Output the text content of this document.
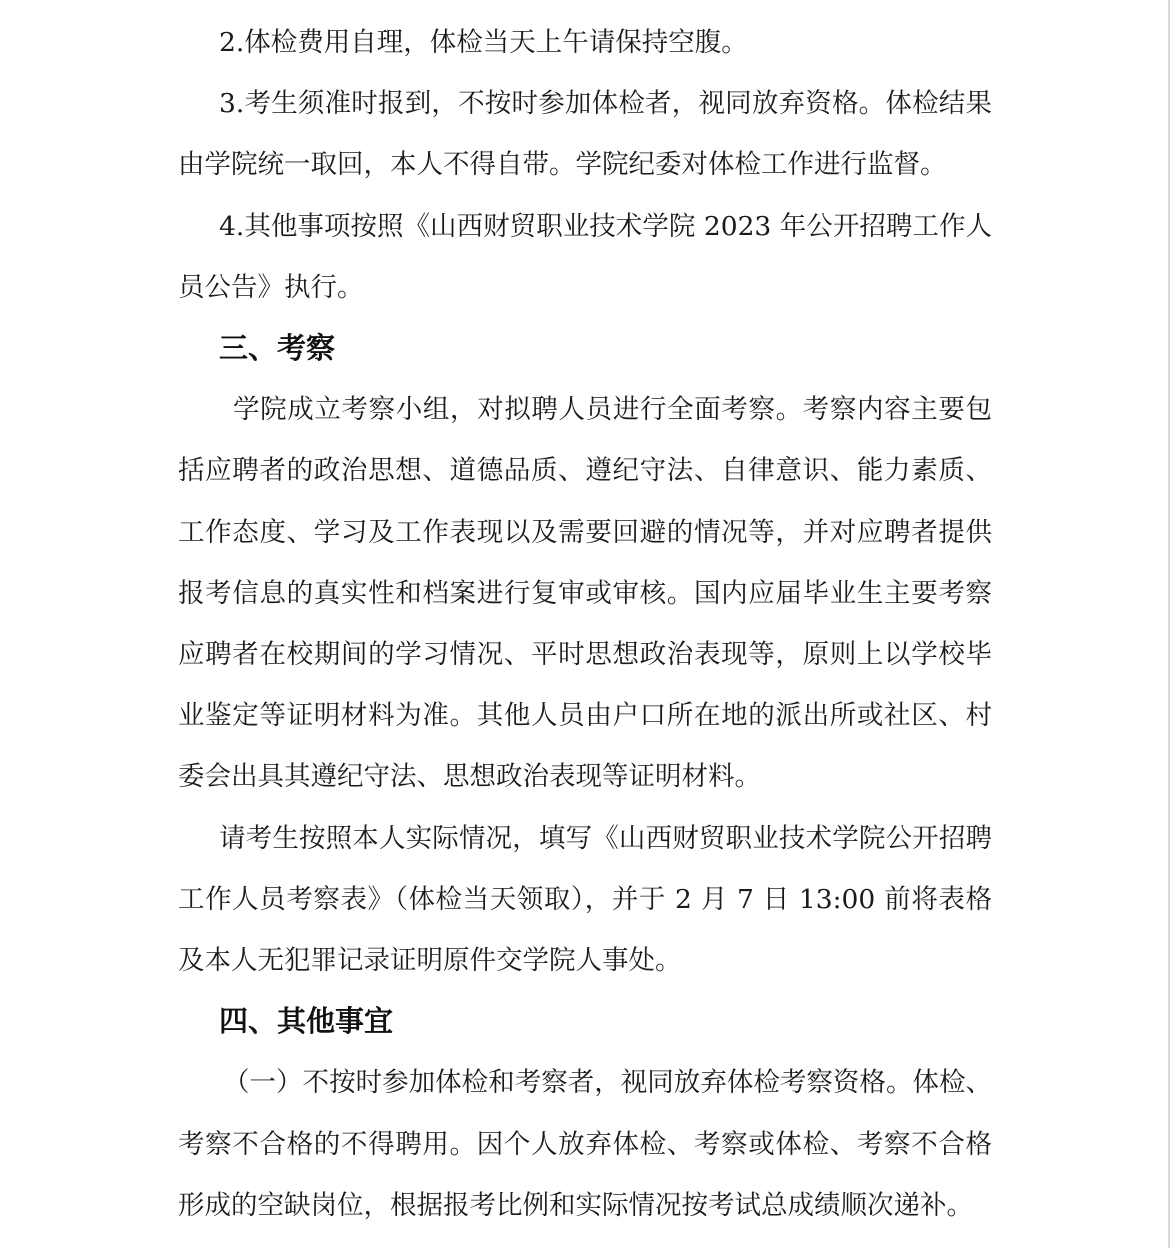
2.体检费用自理，体检当天上午请保持空腹。

3.考生须准时报到，不按时参加体检者，视同放弃资格。体检结果由学院统一取回，本人不得自带。学院纪委对体检工作进行监督。

4.其他事项按照《山西财贸职业技术学院 2023 年公开招聘工作人员公告》执行。

三、考察

学院成立考察小组，对拟聘人员进行全面考察。考察内容主要包括应聘者的政治思想、道德品质、遵纪守法、自律意识、能力素质、工作态度、学习及工作表现以及需要回避的情况等，并对应聘者提供报考信息的真实性和档案进行复审或审核。国内应届毕业生主要考察应聘者在校期间的学习情况、平时思想政治表现等，原则上以学校毕业鉴定等证明材料为准。其他人员由户口所在地的派出所或社区、村委会出具其遵纪守法、思想政治表现等证明材料。

请考生按照本人实际情况，填写《山西财贸职业技术学院公开招聘工作人员考察表》（体检当天领取），并于 2 月 7 日 13:00 前将表格及本人无犯罪记录证明原件交学院人事处。

四、其他事宜

（一）不按时参加体检和考察者，视同放弃体检考察资格。体检、考察不合格的不得聘用。因个人放弃体检、考察或体检、考察不合格形成的空缺岗位，根据报考比例和实际情况按考试总成绩顺次递补。
